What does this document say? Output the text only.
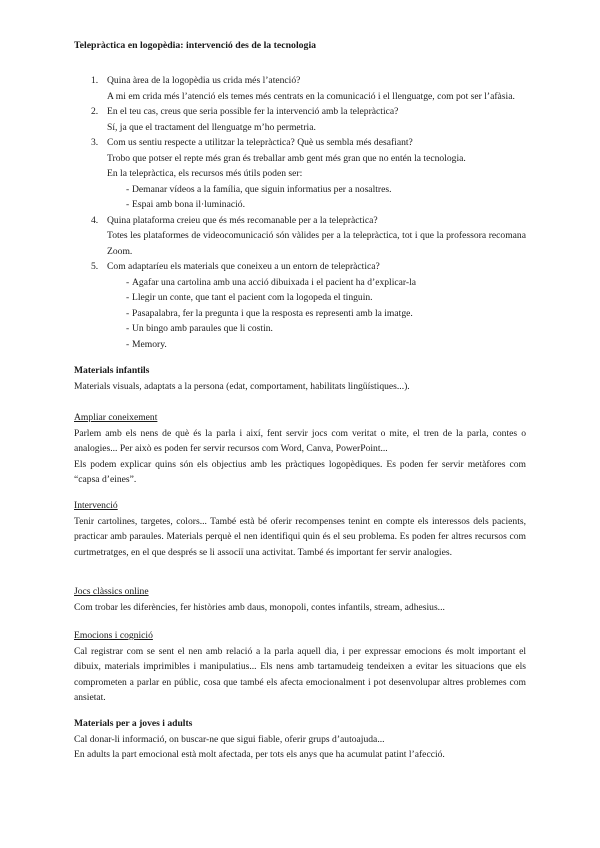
Telepràctica en logopèdia: intervenció des de la tecnologia
1. Quina àrea de la logopèdia us crida més l’atenció?
A mi em crida més l’atenció els temes més centrats en la comunicació i el llenguatge, com pot ser l’afàsia.
2. En el teu cas, creus que seria possible fer la intervenció amb la telepràctica?
Sí, ja que el tractament del llenguatge m’ho permetria.
3. Com us sentiu respecte a utilitzar la telepràctica? Què us sembla més desafiant?
Trobo que potser el repte més gran és treballar amb gent més gran que no entén la tecnologia.
En la telepràctica, els recursos més útils poden ser:
- Demanar vídeos a la família, que siguin informatius per a nosaltres.
- Espai amb bona il·luminació.
4. Quina plataforma creieu que és més recomanable per a la telepràctica?
Totes les plataformes de videocomunicació són vàlides per a la telepràctica, tot i que la professora recomana Zoom.
5. Com adaptaríeu els materials que coneixeu a un entorn de telepràctica?
- Agafar una cartolina amb una acció dibuixada i el pacient ha d’explicar-la
- Llegir un conte, que tant el pacient com la logopeda el tinguin.
- Pasapalabra, fer la pregunta i que la resposta es representi amb la imatge.
- Un bingo amb paraules que li costin.
- Memory.
Materials infantils

Materials visuals, adaptats a la persona (edat, comportament, habilitats lingüístiques...).

Ampliar coneixement

Parlem amb els nens de què és la parla i així, fent servir jocs com veritat o mite, el tren de la parla, contes o analogies... Per això es poden fer servir recursos com Word, Canva, PowerPoint...

Els podem explicar quins són els objectius amb les pràctiques logopèdiques. Es poden fer servir metàfores com “capsa d’eines”.

Intervenció

Tenir cartolines, targetes, colors... També està bé oferir recompenses tenint en compte els interessos dels pacients, practicar amb paraules. Materials perquè el nen identifiqui quin és el seu problema. Es poden fer altres recursos com curtmetratges, en el que després se li associï una activitat. També és important fer servir analogies.

Jocs clàssics online

Com trobar les diferències, fer històries amb daus, monopoli, contes infantils, stream, adhesius...

Emocions i cognició

Cal registrar com se sent el nen amb relació a la parla aquell dia, i per expressar emocions és molt important el dibuix, materials imprimibles i manipulatius... Els nens amb tartamudeig tendeixen a evitar les situacions que els comprometen a parlar en públic, cosa que també els afecta emocionalment i pot desenvolupar altres problemes com ansietat.

Materials per a joves i adults

Cal donar-li informació, on buscar-ne que sigui fiable, oferir grups d’autoajuda...

En adults la part emocional està molt afectada, per tots els anys que ha acumulat patint l’afecció.
